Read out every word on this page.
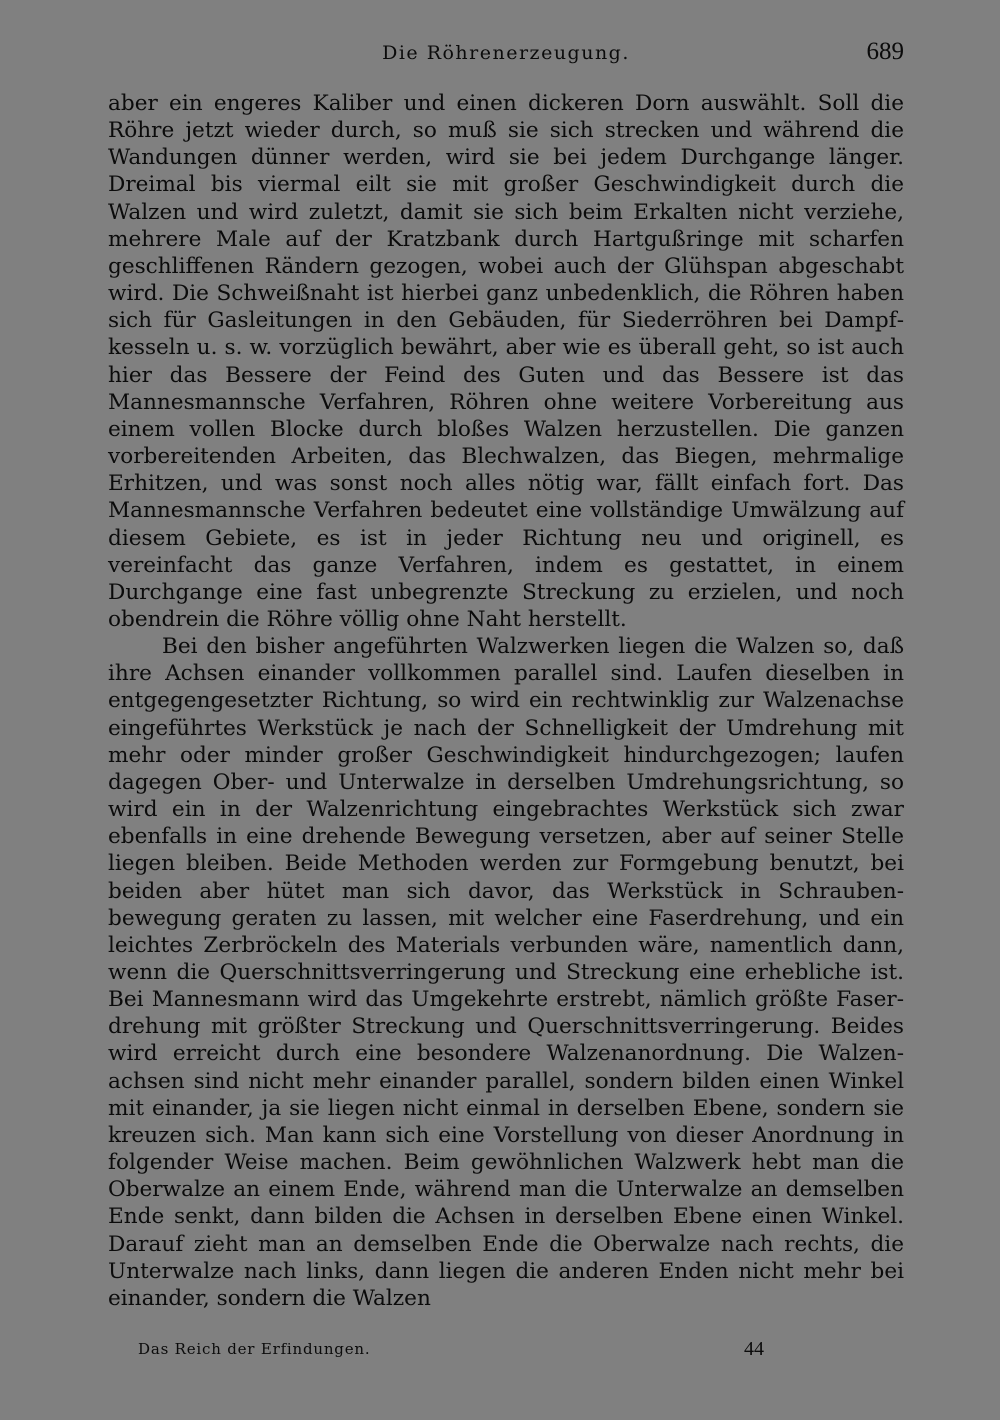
Die Röhrenerzeugung.	689

aber ein engeres Kaliber und einen dickeren Dorn auswählt. Soll die Röhre jetzt wieder durch, so muß sie sich strecken und während die Wandungen dünner werden, wird sie bei jedem Durchgange länger. Dreimal bis viermal eilt sie mit großer Geschwindigkeit durch die Walzen und wird zuletzt, damit sie sich beim Erkalten nicht verziehe, mehrere Male auf der Kratzbank durch Hartgußringe mit scharfen geschliffenen Rändern gezogen, wobei auch der Glühspan abgeschabt wird. Die Schweißnaht ist hierbei ganz unbedenklich, die Röhren haben sich für Gasleitungen in den Gebäuden, für Siederröhren bei Dampfkesseln u. s. w. vorzüglich bewährt, aber wie es überall geht, so ist auch hier das Bessere der Feind des Guten und das Bessere ist das Mannesmannsche Verfahren, Röhren ohne weitere Vorbereitung aus einem vollen Blocke durch bloßes Walzen herzustellen. Die ganzen vorbereitenden Arbeiten, das Blechwalzen, das Biegen, mehrmalige Erhitzen, und was sonst noch alles nötig war, fällt einfach fort. Das Mannesmannsche Verfahren bedeutet eine vollständige Umwälzung auf diesem Gebiete, es ist in jeder Richtung neu und originell, es vereinfacht das ganze Verfahren, indem es gestattet, in einem Durchgange eine fast unbegrenzte Streckung zu erzielen, und noch obendrein die Röhre völlig ohne Naht herstellt.

Bei den bisher angeführten Walzwerken liegen die Walzen so, daß ihre Achsen einander vollkommen parallel sind. Laufen dieselben in entgegengesetzter Richtung, so wird ein rechtwinklig zur Walzenachse eingeführtes Werkstück je nach der Schnelligkeit der Umdrehung mit mehr oder minder großer Geschwindigkeit hindurchgezogen; laufen dagegen Ober- und Unterwalze in derselben Umdrehungsrichtung, so wird ein in der Walzenrichtung eingebrachtes Werkstück sich zwar ebenfalls in eine drehende Bewegung versetzen, aber auf seiner Stelle liegen bleiben. Beide Methoden werden zur Formgebung benutzt, bei beiden aber hütet man sich davor, das Werkstück in Schraubenbewegung geraten zu lassen, mit welcher eine Faserdrehung, und ein leichtes Zerbröckeln des Materials verbunden wäre, namentlich dann, wenn die Querschnittsverringerung und Streckung eine erhebliche ist. Bei Mannesmann wird das Umgekehrte erstrebt, nämlich größte Faserdrehung mit größter Streckung und Querschnittsverringerung. Beides wird erreicht durch eine besondere Walzenanordnung. Die Walzenachsen sind nicht mehr einander parallel, sondern bilden einen Winkel mit einander, ja sie liegen nicht einmal in derselben Ebene, sondern sie kreuzen sich. Man kann sich eine Vorstellung von dieser Anordnung in folgender Weise machen. Beim gewöhnlichen Walzwerk hebt man die Oberwalze an einem Ende, während man die Unterwalze an demselben Ende senkt, dann bilden die Achsen in derselben Ebene einen Winkel. Darauf zieht man an demselben Ende die Oberwalze nach rechts, die Unterwalze nach links, dann liegen die anderen Enden nicht mehr bei einander, sondern die Walzen

Das Reich der Erfindungen.	44
